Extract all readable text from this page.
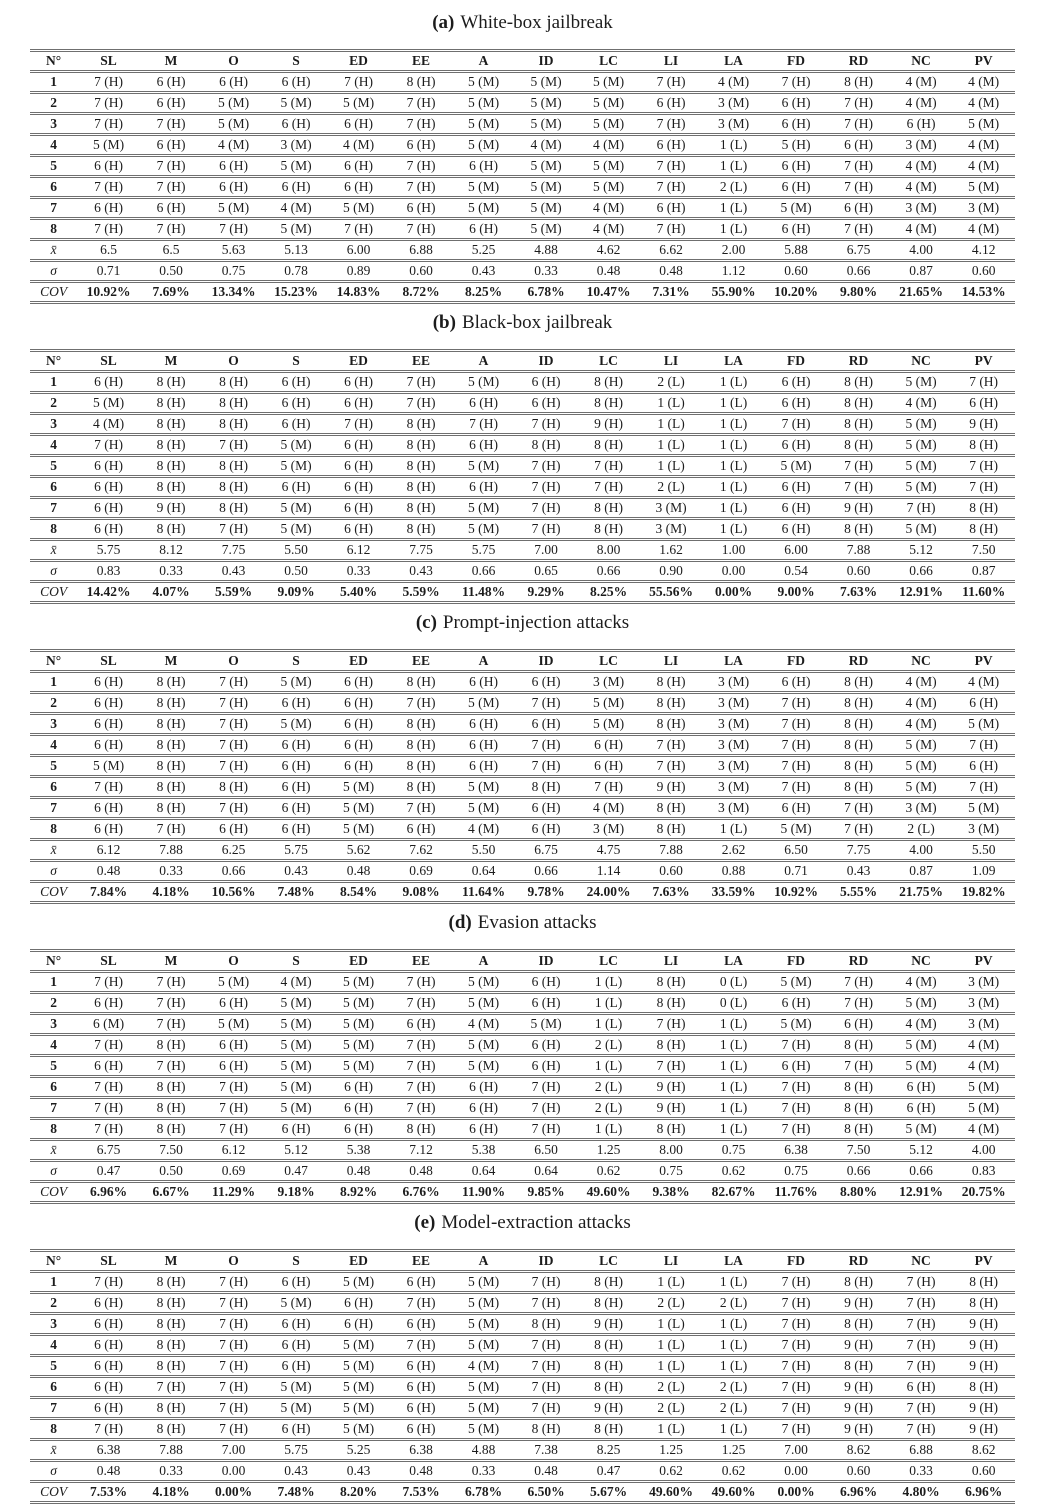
(a) White-box jailbreak
N°	SL	M	O	S	ED	EE	A	ID	LC	LI	LA	FD	RD	NC	PV
1	7 (H)	6 (H)	6 (H)	6 (H)	7 (H)	8 (H)	5 (M)	5 (M)	5 (M)	7 (H)	4 (M)	7 (H)	8 (H)	4 (M)	4 (M)
2	7 (H)	6 (H)	5 (M)	5 (M)	5 (M)	7 (H)	5 (M)	5 (M)	5 (M)	6 (H)	3 (M)	6 (H)	7 (H)	4 (M)	4 (M)
3	7 (H)	7 (H)	5 (M)	6 (H)	6 (H)	7 (H)	5 (M)	5 (M)	5 (M)	7 (H)	3 (M)	6 (H)	7 (H)	6 (H)	5 (M)
4	5 (M)	6 (H)	4 (M)	3 (M)	4 (M)	6 (H)	5 (M)	4 (M)	4 (M)	6 (H)	1 (L)	5 (H)	6 (H)	3 (M)	4 (M)
5	6 (H)	7 (H)	6 (H)	5 (M)	6 (H)	7 (H)	6 (H)	5 (M)	5 (M)	7 (H)	1 (L)	6 (H)	7 (H)	4 (M)	4 (M)
6	7 (H)	7 (H)	6 (H)	6 (H)	6 (H)	7 (H)	5 (M)	5 (M)	5 (M)	7 (H)	2 (L)	6 (H)	7 (H)	4 (M)	5 (M)
7	6 (H)	6 (H)	5 (M)	4 (M)	5 (M)	6 (H)	5 (M)	5 (M)	4 (M)	6 (H)	1 (L)	5 (M)	6 (H)	3 (M)	3 (M)
8	7 (H)	7 (H)	7 (H)	5 (M)	7 (H)	7 (H)	6 (H)	5 (M)	4 (M)	7 (H)	1 (L)	6 (H)	7 (H)	4 (M)	4 (M)
x̄	6.5	6.5	5.63	5.13	6.00	6.88	5.25	4.88	4.62	6.62	2.00	5.88	6.75	4.00	4.12
σ	0.71	0.50	0.75	0.78	0.89	0.60	0.43	0.33	0.48	0.48	1.12	0.60	0.66	0.87	0.60
COV	10.92%	7.69%	13.34%	15.23%	14.83%	8.72%	8.25%	6.78%	10.47%	7.31%	55.90%	10.20%	9.80%	21.65%	14.53%
(b) Black-box jailbreak
N°	SL	M	O	S	ED	EE	A	ID	LC	LI	LA	FD	RD	NC	PV
1	6 (H)	8 (H)	8 (H)	6 (H)	6 (H)	7 (H)	5 (M)	6 (H)	8 (H)	2 (L)	1 (L)	6 (H)	8 (H)	5 (M)	7 (H)
2	5 (M)	8 (H)	8 (H)	6 (H)	6 (H)	7 (H)	6 (H)	6 (H)	8 (H)	1 (L)	1 (L)	6 (H)	8 (H)	4 (M)	6 (H)
3	4 (M)	8 (H)	8 (H)	6 (H)	7 (H)	8 (H)	7 (H)	7 (H)	9 (H)	1 (L)	1 (L)	7 (H)	8 (H)	5 (M)	9 (H)
4	7 (H)	8 (H)	7 (H)	5 (M)	6 (H)	8 (H)	6 (H)	8 (H)	8 (H)	1 (L)	1 (L)	6 (H)	8 (H)	5 (M)	8 (H)
5	6 (H)	8 (H)	8 (H)	5 (M)	6 (H)	8 (H)	5 (M)	7 (H)	7 (H)	1 (L)	1 (L)	5 (M)	7 (H)	5 (M)	7 (H)
6	6 (H)	8 (H)	8 (H)	6 (H)	6 (H)	8 (H)	6 (H)	7 (H)	7 (H)	2 (L)	1 (L)	6 (H)	7 (H)	5 (M)	7 (H)
7	6 (H)	9 (H)	8 (H)	5 (M)	6 (H)	8 (H)	5 (M)	7 (H)	8 (H)	3 (M)	1 (L)	6 (H)	9 (H)	7 (H)	8 (H)
8	6 (H)	8 (H)	7 (H)	5 (M)	6 (H)	8 (H)	5 (M)	7 (H)	8 (H)	3 (M)	1 (L)	6 (H)	8 (H)	5 (M)	8 (H)
x̄	5.75	8.12	7.75	5.50	6.12	7.75	5.75	7.00	8.00	1.62	1.00	6.00	7.88	5.12	7.50
σ	0.83	0.33	0.43	0.50	0.33	0.43	0.66	0.65	0.66	0.90	0.00	0.54	0.60	0.66	0.87
COV	14.42%	4.07%	5.59%	9.09%	5.40%	5.59%	11.48%	9.29%	8.25%	55.56%	0.00%	9.00%	7.63%	12.91%	11.60%
(c) Prompt-injection attacks
N°	SL	M	O	S	ED	EE	A	ID	LC	LI	LA	FD	RD	NC	PV
1	6 (H)	8 (H)	7 (H)	5 (M)	6 (H)	8 (H)	6 (H)	6 (H)	3 (M)	8 (H)	3 (M)	6 (H)	8 (H)	4 (M)	4 (M)
2	6 (H)	8 (H)	7 (H)	6 (H)	6 (H)	7 (H)	5 (M)	7 (H)	5 (M)	8 (H)	3 (M)	7 (H)	8 (H)	4 (M)	6 (H)
3	6 (H)	8 (H)	7 (H)	5 (M)	6 (H)	8 (H)	6 (H)	6 (H)	5 (M)	8 (H)	3 (M)	7 (H)	8 (H)	4 (M)	5 (M)
4	6 (H)	8 (H)	7 (H)	6 (H)	6 (H)	8 (H)	6 (H)	7 (H)	6 (H)	7 (H)	3 (M)	7 (H)	8 (H)	5 (M)	7 (H)
5	5 (M)	8 (H)	7 (H)	6 (H)	6 (H)	8 (H)	6 (H)	7 (H)	6 (H)	7 (H)	3 (M)	7 (H)	8 (H)	5 (M)	6 (H)
6	7 (H)	8 (H)	8 (H)	6 (H)	5 (M)	8 (H)	5 (M)	8 (H)	7 (H)	9 (H)	3 (M)	7 (H)	8 (H)	5 (M)	7 (H)
7	6 (H)	8 (H)	7 (H)	6 (H)	5 (M)	7 (H)	5 (M)	6 (H)	4 (M)	8 (H)	3 (M)	6 (H)	7 (H)	3 (M)	5 (M)
8	6 (H)	7 (H)	6 (H)	6 (H)	5 (M)	6 (H)	4 (M)	6 (H)	3 (M)	8 (H)	1 (L)	5 (M)	7 (H)	2 (L)	3 (M)
x̄	6.12	7.88	6.25	5.75	5.62	7.62	5.50	6.75	4.75	7.88	2.62	6.50	7.75	4.00	5.50
σ	0.48	0.33	0.66	0.43	0.48	0.69	0.64	0.66	1.14	0.60	0.88	0.71	0.43	0.87	1.09
COV	7.84%	4.18%	10.56%	7.48%	8.54%	9.08%	11.64%	9.78%	24.00%	7.63%	33.59%	10.92%	5.55%	21.75%	19.82%
(d) Evasion attacks
N°	SL	M	O	S	ED	EE	A	ID	LC	LI	LA	FD	RD	NC	PV
1	7 (H)	7 (H)	5 (M)	4 (M)	5 (M)	7 (H)	5 (M)	6 (H)	1 (L)	8 (H)	0 (L)	5 (M)	7 (H)	4 (M)	3 (M)
2	6 (H)	7 (H)	6 (H)	5 (M)	5 (M)	7 (H)	5 (M)	6 (H)	1 (L)	8 (H)	0 (L)	6 (H)	7 (H)	5 (M)	3 (M)
3	6 (M)	7 (H)	5 (M)	5 (M)	5 (M)	6 (H)	4 (M)	5 (M)	1 (L)	7 (H)	1 (L)	5 (M)	6 (H)	4 (M)	3 (M)
4	7 (H)	8 (H)	6 (H)	5 (M)	5 (M)	7 (H)	5 (M)	6 (H)	2 (L)	8 (H)	1 (L)	7 (H)	8 (H)	5 (M)	4 (M)
5	6 (H)	7 (H)	6 (H)	5 (M)	5 (M)	7 (H)	5 (M)	6 (H)	1 (L)	7 (H)	1 (L)	6 (H)	7 (H)	5 (M)	4 (M)
6	7 (H)	8 (H)	7 (H)	5 (M)	6 (H)	7 (H)	6 (H)	7 (H)	2 (L)	9 (H)	1 (L)	7 (H)	8 (H)	6 (H)	5 (M)
7	7 (H)	8 (H)	7 (H)	5 (M)	6 (H)	7 (H)	6 (H)	7 (H)	2 (L)	9 (H)	1 (L)	7 (H)	8 (H)	6 (H)	5 (M)
8	7 (H)	8 (H)	7 (H)	6 (H)	6 (H)	8 (H)	6 (H)	7 (H)	1 (L)	8 (H)	1 (L)	7 (H)	8 (H)	5 (M)	4 (M)
x̄	6.75	7.50	6.12	5.12	5.38	7.12	5.38	6.50	1.25	8.00	0.75	6.38	7.50	5.12	4.00
σ	0.47	0.50	0.69	0.47	0.48	0.48	0.64	0.64	0.62	0.75	0.62	0.75	0.66	0.66	0.83
COV	6.96%	6.67%	11.29%	9.18%	8.92%	6.76%	11.90%	9.85%	49.60%	9.38%	82.67%	11.76%	8.80%	12.91%	20.75%
(e) Model-extraction attacks
N°	SL	M	O	S	ED	EE	A	ID	LC	LI	LA	FD	RD	NC	PV
1	7 (H)	8 (H)	7 (H)	6 (H)	5 (M)	6 (H)	5 (M)	7 (H)	8 (H)	1 (L)	1 (L)	7 (H)	8 (H)	7 (H)	8 (H)
2	6 (H)	8 (H)	7 (H)	5 (M)	6 (H)	7 (H)	5 (M)	7 (H)	8 (H)	2 (L)	2 (L)	7 (H)	9 (H)	7 (H)	8 (H)
3	6 (H)	8 (H)	7 (H)	6 (H)	6 (H)	6 (H)	5 (M)	8 (H)	9 (H)	1 (L)	1 (L)	7 (H)	8 (H)	7 (H)	9 (H)
4	6 (H)	8 (H)	7 (H)	6 (H)	5 (M)	7 (H)	5 (M)	7 (H)	8 (H)	1 (L)	1 (L)	7 (H)	9 (H)	7 (H)	9 (H)
5	6 (H)	8 (H)	7 (H)	6 (H)	5 (M)	6 (H)	4 (M)	7 (H)	8 (H)	1 (L)	1 (L)	7 (H)	8 (H)	7 (H)	9 (H)
6	6 (H)	7 (H)	7 (H)	5 (M)	5 (M)	6 (H)	5 (M)	7 (H)	8 (H)	2 (L)	2 (L)	7 (H)	9 (H)	6 (H)	8 (H)
7	6 (H)	8 (H)	7 (H)	5 (M)	5 (M)	6 (H)	5 (M)	7 (H)	9 (H)	2 (L)	2 (L)	7 (H)	9 (H)	7 (H)	9 (H)
8	7 (H)	8 (H)	7 (H)	6 (H)	5 (M)	6 (H)	5 (M)	8 (H)	8 (H)	1 (L)	1 (L)	7 (H)	9 (H)	7 (H)	9 (H)
x̄	6.38	7.88	7.00	5.75	5.25	6.38	4.88	7.38	8.25	1.25	1.25	7.00	8.62	6.88	8.62
σ	0.48	0.33	0.00	0.43	0.43	0.48	0.33	0.48	0.47	0.62	0.62	0.00	0.60	0.33	0.60
COV	7.53%	4.18%	0.00%	7.48%	8.20%	7.53%	6.78%	6.50%	5.67%	49.60%	49.60%	0.00%	6.96%	4.80%	6.96%
